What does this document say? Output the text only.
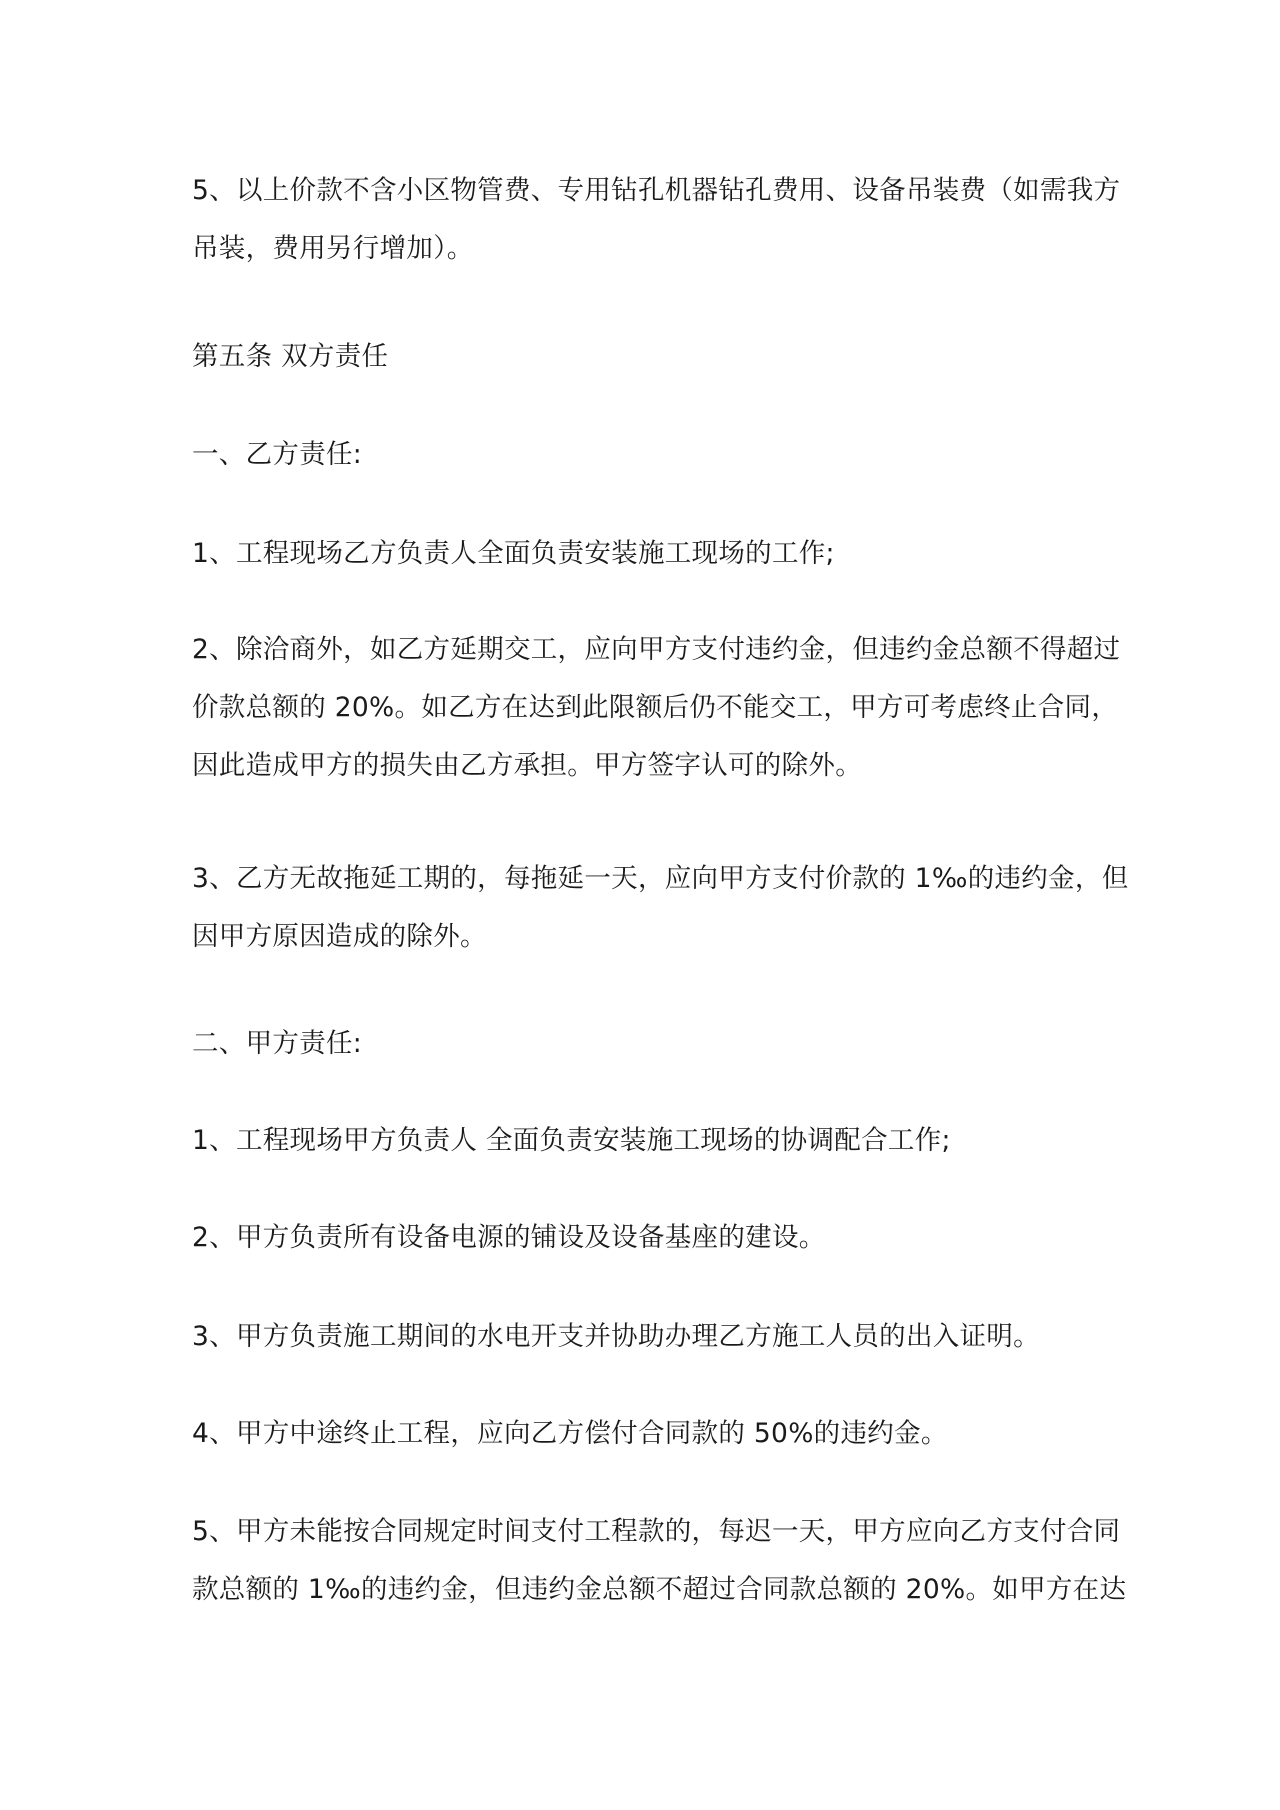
5、以上价款不含小区物管费、专用钻孔机器钻孔费用、设备吊装费（如需我方
吊装，费用另行增加）。

第五条 双方责任

一、乙方责任:

1、工程现场乙方负责人全面负责安装施工现场的工作;

2、除洽商外，如乙方延期交工，应向甲方支付违约金，但违约金总额不得超过
价款总额的 20%。如乙方在达到此限额后仍不能交工，甲方可考虑终止合同，
因此造成甲方的损失由乙方承担。甲方签字认可的除外。

3、乙方无故拖延工期的，每拖延一天，应向甲方支付价款的 1‰的违约金，但
因甲方原因造成的除外。

二、甲方责任:

1、工程现场甲方负责人 全面负责安装施工现场的协调配合工作;

2、甲方负责所有设备电源的铺设及设备基座的建设。

3、甲方负责施工期间的水电开支并协助办理乙方施工人员的出入证明。

4、甲方中途终止工程，应向乙方偿付合同款的 50%的违约金。

5、甲方未能按合同规定时间支付工程款的，每迟一天，甲方应向乙方支付合同
款总额的 1‰的违约金，但违约金总额不超过合同款总额的 20%。如甲方在达
